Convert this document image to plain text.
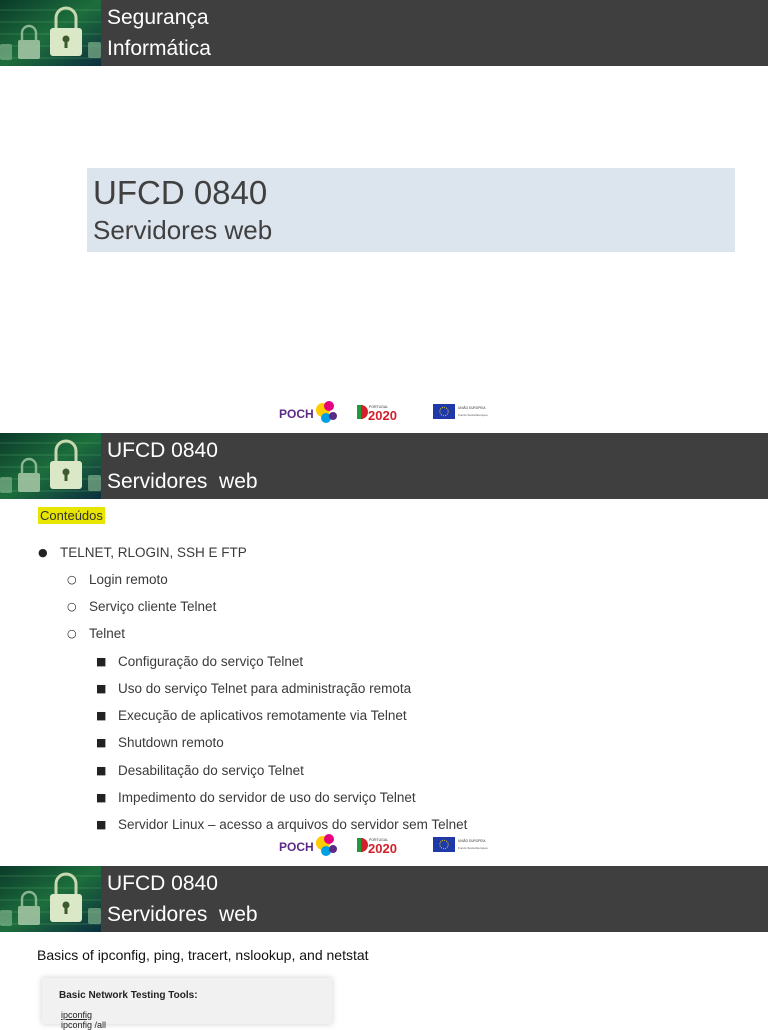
Segurança
Informática
UFCD 0840
Servidores web
POCH	PORTUGAL
2020	UNIÃO EUROPEIA
Fundo Social Europeu
UFCD 0840
Servidores  web
Conteúdos
● TELNET, RLOGIN, SSH E FTP
○ Login remoto
○ Serviço cliente Telnet
○ Telnet
■ Configuração do serviço Telnet
■ Uso do serviço Telnet para administração remota
■ Execução de aplicativos remotamente via Telnet
■ Shutdown remoto
■ Desabilitação do serviço Telnet
■ Impedimento do servidor de uso do serviço Telnet
■ Servidor Linux – acesso a arquivos do servidor sem Telnet
POCH	PORTUGAL
2020	UNIÃO EUROPEIA
Fundo Social Europeu
UFCD 0840
Servidores  web
Basics of ipconfig, ping, tracert, nslookup, and netstat
Basic Network Testing Tools:
ipconfig
ipconfig /all
